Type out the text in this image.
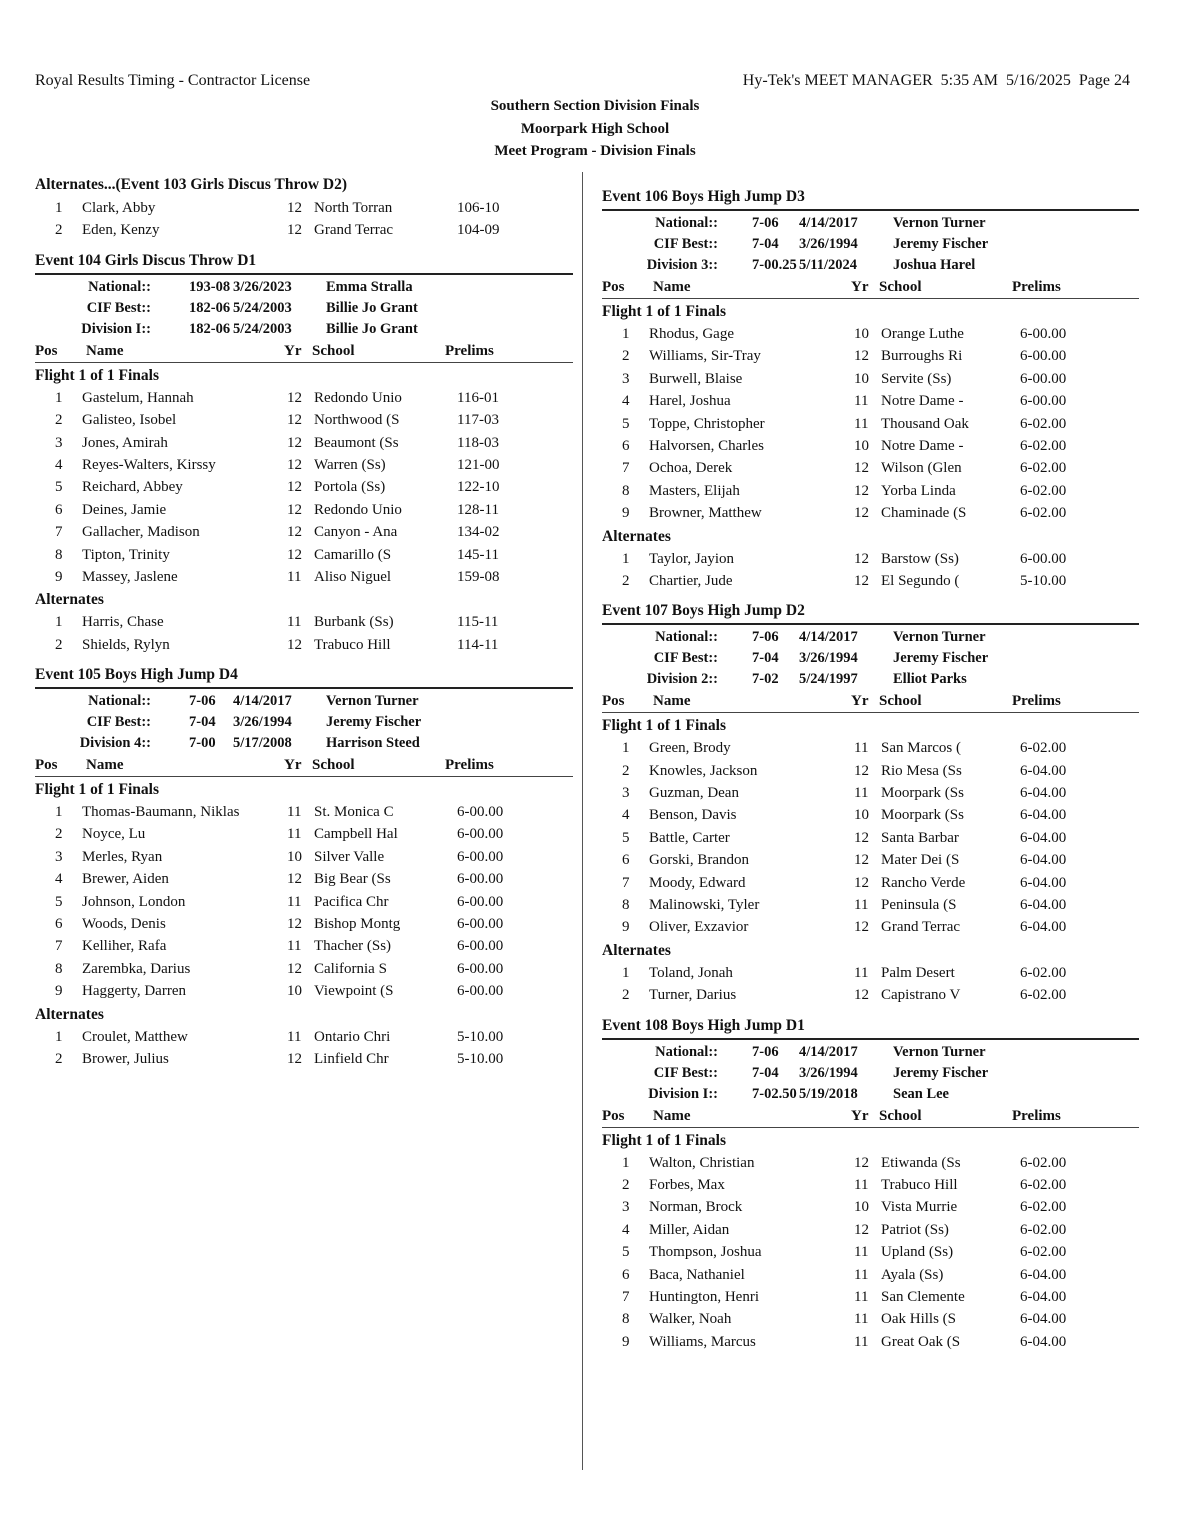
Royal Results Timing - Contractor License	Hy-Tek's MEET MANAGER  5:35 AM  5/16/2025  Page 24
Southern Section Division Finals
Moorpark High School
Meet Program - Division Finals
Alternates...(Event 103 Girls Discus Throw D2)
1 Clark, Abby	12 North Torran	106-10
2 Eden, Kenzy	12 Grand Terrac	104-09
Event 104 Girls Discus Throw D1
National::	193-08 3/26/2023 Emma Stralla
CIF Best::	182-06 5/24/2003 Billie Jo Grant
Division I::	182-06 5/24/2003 Billie Jo Grant
Pos Name	Yr School	Prelims
Flight 1 of 1 Finals
1 Gastelum, Hannah	12 Redondo Unio	116-01
2 Galisteo, Isobel	12 Northwood (S	117-03
3 Jones, Amirah	12 Beaumont (Ss	118-03
4 Reyes-Walters, Kirssy	12 Warren (Ss)	121-00
5 Reichard, Abbey	12 Portola (Ss)	122-10
6 Deines, Jamie	12 Redondo Unio	128-11
7 Gallacher, Madison	12 Canyon - Ana	134-02
8 Tipton, Trinity	12 Camarillo (S	145-11
9 Massey, Jaslene	11 Aliso Niguel	159-08
Alternates
1 Harris, Chase	11 Burbank (Ss)	115-11
2 Shields, Rylyn	12 Trabuco Hill	114-11
Event 105 Boys High Jump D4
National::	7-06 4/14/2017 Vernon Turner
CIF Best::	7-04 3/26/1994 Jeremy Fischer
Division 4::	7-00 5/17/2008 Harrison Steed
Pos Name	Yr School	Prelims
Flight 1 of 1 Finals
1 Thomas-Baumann, Niklas	11 St. Monica C	6-00.00
2 Noyce, Lu	11 Campbell Hal	6-00.00
3 Merles, Ryan	10 Silver Valle	6-00.00
4 Brewer, Aiden	12 Big Bear (Ss	6-00.00
5 Johnson, London	11 Pacifica Chr	6-00.00
6 Woods, Denis	12 Bishop Montg	6-00.00
7 Kelliher, Rafa	11 Thacher (Ss)	6-00.00
8 Zarembka, Darius	12 California S	6-00.00
9 Haggerty, Darren	10 Viewpoint (S	6-00.00
Alternates
1 Croulet, Matthew	11 Ontario Chri	5-10.00
2 Brower, Julius	12 Linfield Chr	5-10.00
Event 106 Boys High Jump D3
National:: 7-06 4/14/2017 Vernon Turner
CIF Best:: 7-04 3/26/1994 Jeremy Fischer
Division 3:: 7-00.25 5/11/2024 Joshua Harel
Pos Name	Yr School	Prelims
Flight 1 of 1 Finals
1 Rhodus, Gage	10 Orange Luthe	6-00.00
2 Williams, Sir-Tray	12 Burroughs Ri	6-00.00
3 Burwell, Blaise	10 Servite (Ss)	6-00.00
4 Harel, Joshua	11 Notre Dame -	6-00.00
5 Toppe, Christopher	11 Thousand Oak	6-02.00
6 Halvorsen, Charles	10 Notre Dame -	6-02.00
7 Ochoa, Derek	12 Wilson (Glen	6-02.00
8 Masters, Elijah	12 Yorba Linda	6-02.00
9 Browner, Matthew	12 Chaminade (S	6-02.00
Alternates
1 Taylor, Jayion	12 Barstow (Ss)	6-00.00
2 Chartier, Jude	12 El Segundo (	5-10.00
Event 107 Boys High Jump D2
National:: 7-06 4/14/2017 Vernon Turner
CIF Best:: 7-04 3/26/1994 Jeremy Fischer
Division 2:: 7-02 5/24/1997 Elliot Parks
Pos Name	Yr School	Prelims
Flight 1 of 1 Finals
1 Green, Brody	11 San Marcos (	6-02.00
2 Knowles, Jackson	12 Rio Mesa (Ss	6-04.00
3 Guzman, Dean	11 Moorpark (Ss	6-04.00
4 Benson, Davis	10 Moorpark (Ss	6-04.00
5 Battle, Carter	12 Santa Barbar	6-04.00
6 Gorski, Brandon	12 Mater Dei (S	6-04.00
7 Moody, Edward	12 Rancho Verde	6-04.00
8 Malinowski, Tyler	11 Peninsula (S	6-04.00
9 Oliver, Exzavior	12 Grand Terrac	6-04.00
Alternates
1 Toland, Jonah	11 Palm Desert	6-02.00
2 Turner, Darius	12 Capistrano V	6-02.00
Event 108 Boys High Jump D1
National:: 7-06 4/14/2017 Vernon Turner
CIF Best:: 7-04 3/26/1994 Jeremy Fischer
Division I:: 7-02.50 5/19/2018 Sean Lee
Pos Name	Yr School	Prelims
Flight 1 of 1 Finals
1 Walton, Christian	12 Etiwanda (Ss	6-02.00
2 Forbes, Max	11 Trabuco Hill	6-02.00
3 Norman, Brock	10 Vista Murrie	6-02.00
4 Miller, Aidan	12 Patriot (Ss)	6-02.00
5 Thompson, Joshua	11 Upland (Ss)	6-02.00
6 Baca, Nathaniel	11 Ayala (Ss)	6-04.00
7 Huntington, Henri	11 San Clemente	6-04.00
8 Walker, Noah	11 Oak Hills (S	6-04.00
9 Williams, Marcus	11 Great Oak (S	6-04.00
